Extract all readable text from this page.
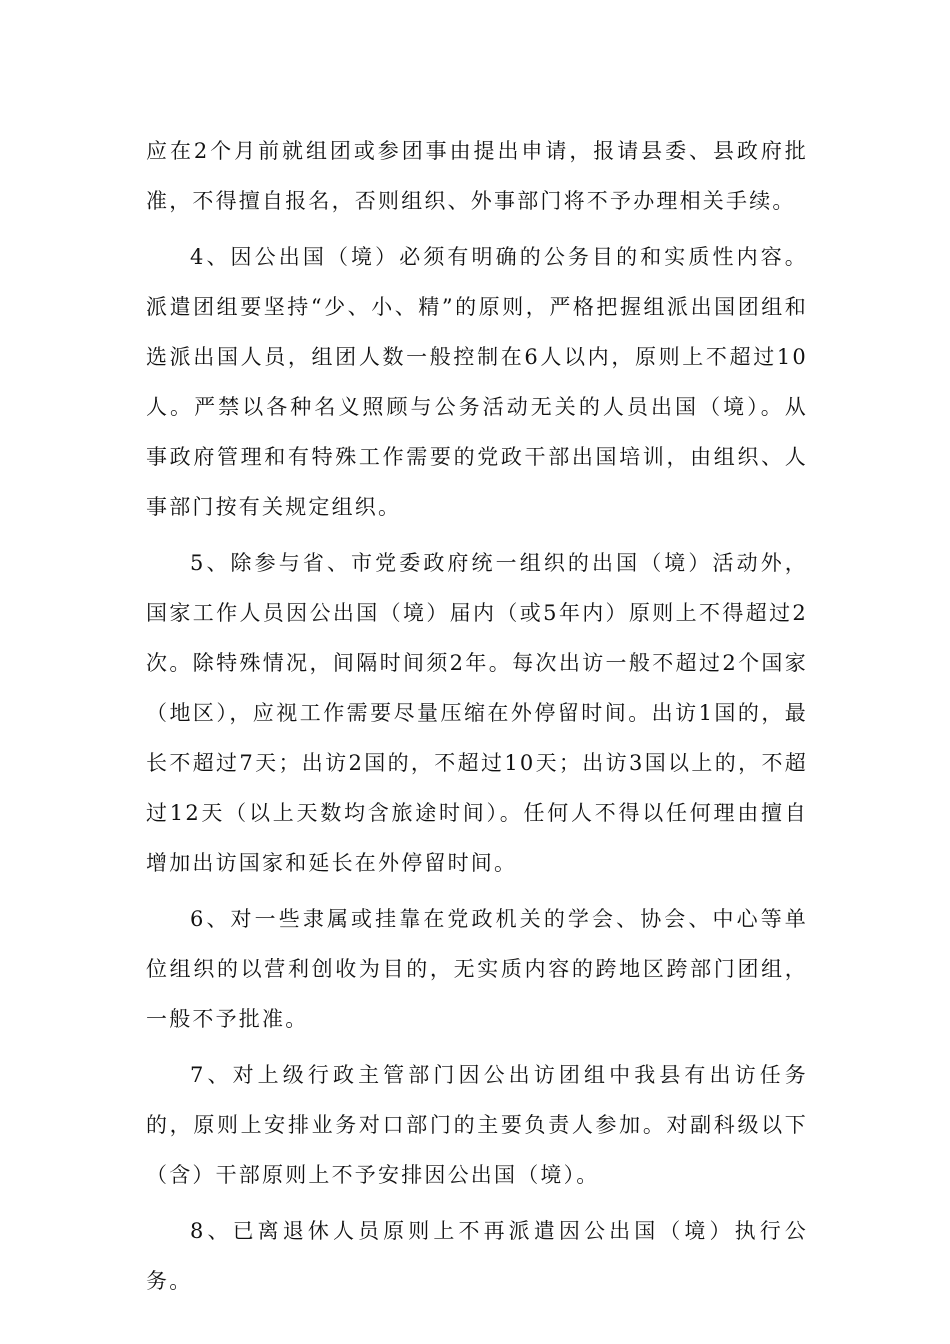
应在2个月前就组团或参团事由提出申请，报请县委、县政府批准，不得擅自报名，否则组织、外事部门将不予办理相关手续。

4、因公出国（境）必须有明确的公务目的和实质性内容。派遣团组要坚持“少、小、精”的原则，严格把握组派出国团组和选派出国人员，组团人数一般控制在6人以内，原则上不超过10人。严禁以各种名义照顾与公务活动无关的人员出国（境）。从事政府管理和有特殊工作需要的党政干部出国培训，由组织、人事部门按有关规定组织。

5、除参与省、市党委政府统一组织的出国（境）活动外，国家工作人员因公出国（境）届内（或5年内）原则上不得超过2次。除特殊情况，间隔时间须2年。每次出访一般不超过2个国家（地区），应视工作需要尽量压缩在外停留时间。出访1国的，最长不超过7天；出访2国的，不超过10天；出访3国以上的，不超过12天（以上天数均含旅途时间）。任何人不得以任何理由擅自增加出访国家和延长在外停留时间。

6、对一些隶属或挂靠在党政机关的学会、协会、中心等单位组织的以营利创收为目的，无实质内容的跨地区跨部门团组，一般不予批准。

7、对上级行政主管部门因公出访团组中我县有出访任务的，原则上安排业务对口部门的主要负责人参加。对副科级以下（含）干部原则上不予安排因公出国（境）。

8、已离退休人员原则上不再派遣因公出国（境）执行公务。
